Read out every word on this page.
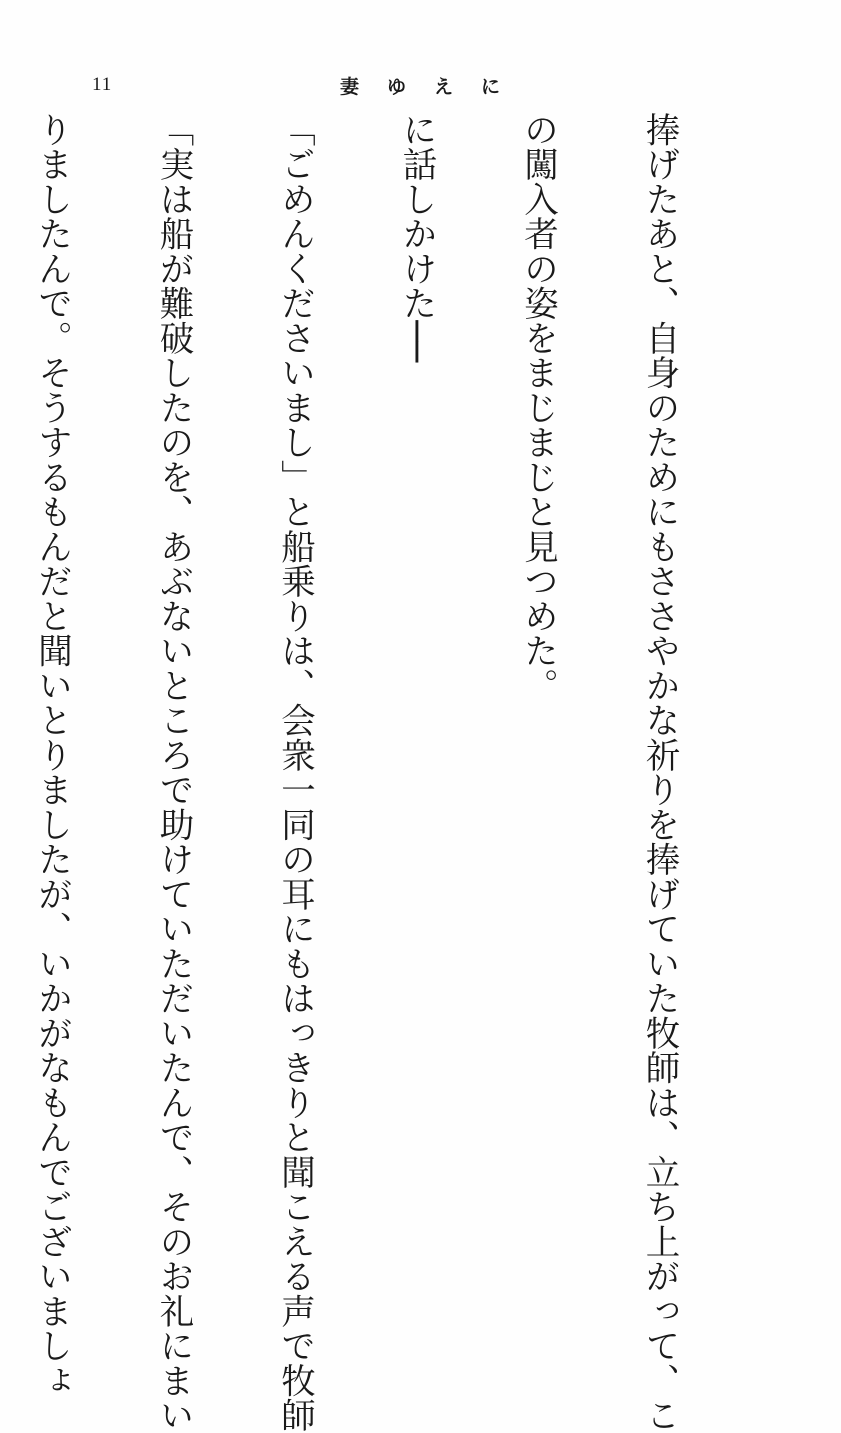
11	妻 ゆ え に

捧げたあと、自身のためにもささやかな祈りを捧げていた牧師は、立ち上がって、こ

の闖入者の姿をまじまじと見つめた。

に話しかけた──

「ごめんくださいまし」と船乗りは、会衆一同の耳にもはっきりと聞こえる声で牧師

「実は船が難破したのを、あぶないところで助けていただいたんで、そのお礼にまい

りましたんで。そうするもんだと聞いとりましたが、いかがなもんでございましょ
